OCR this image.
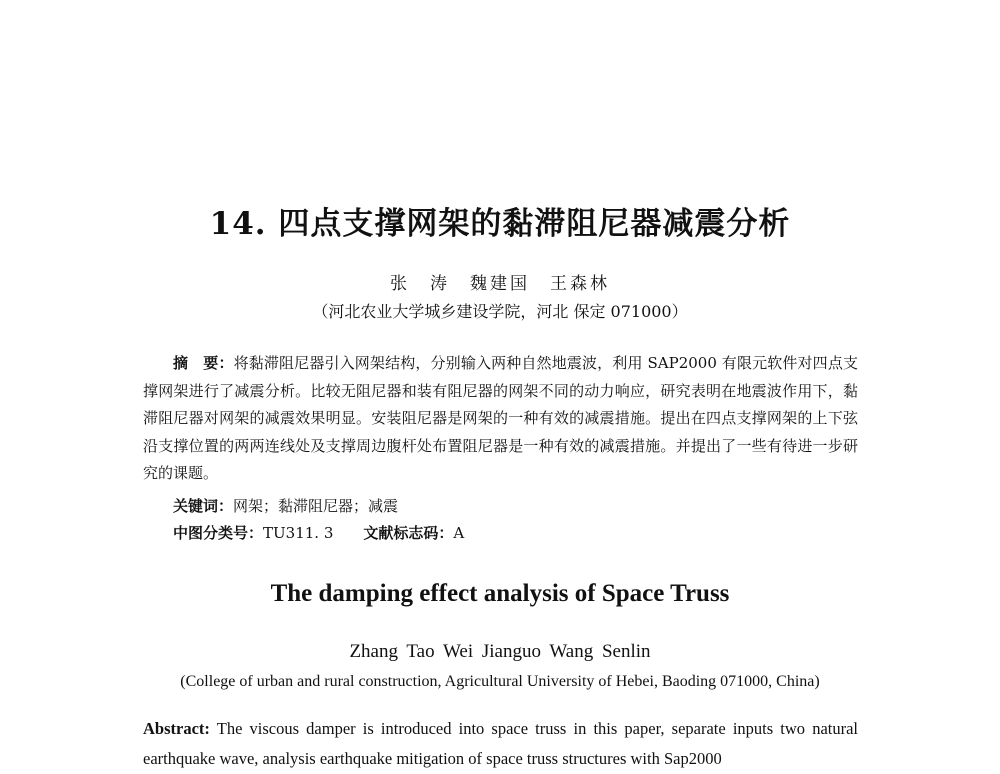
14. 四点支撑网架的黏滞阻尼器减震分析
张　涛　魏建国　王森林
（河北农业大学城乡建设学院，河北 保定 071000）
摘　要：将黏滞阻尼器引入网架结构，分别输入两种自然地震波，利用 SAP2000 有限元软件对四点支撑网架进行了减震分析。比较无阻尼器和装有阻尼器的网架不同的动力响应，研究表明在地震波作用下，黏滞阻尼器对网架的减震效果明显。安装阻尼器是网架的一种有效的减震措施。提出在四点支撑网架的上下弦沿支撑位置的两两连线处及支撑周边腹杆处布置阻尼器是一种有效的减震措施。并提出了一些有待进一步研究的课题。
关键词：网架；黏滞阻尼器；减震
中图分类号：TU311. 3 文献标志码：A
The damping effect analysis of Space Truss
Zhang Tao Wei Jianguo Wang Senlin
(College of urban and rural construction, Agricultural University of Hebei, Baoding 071000, China)
Abstract: The viscous damper is introduced into space truss in this paper, separate inputs two natural earthquake wave, analysis earthquake mitigation of space truss structures with Sap2000
